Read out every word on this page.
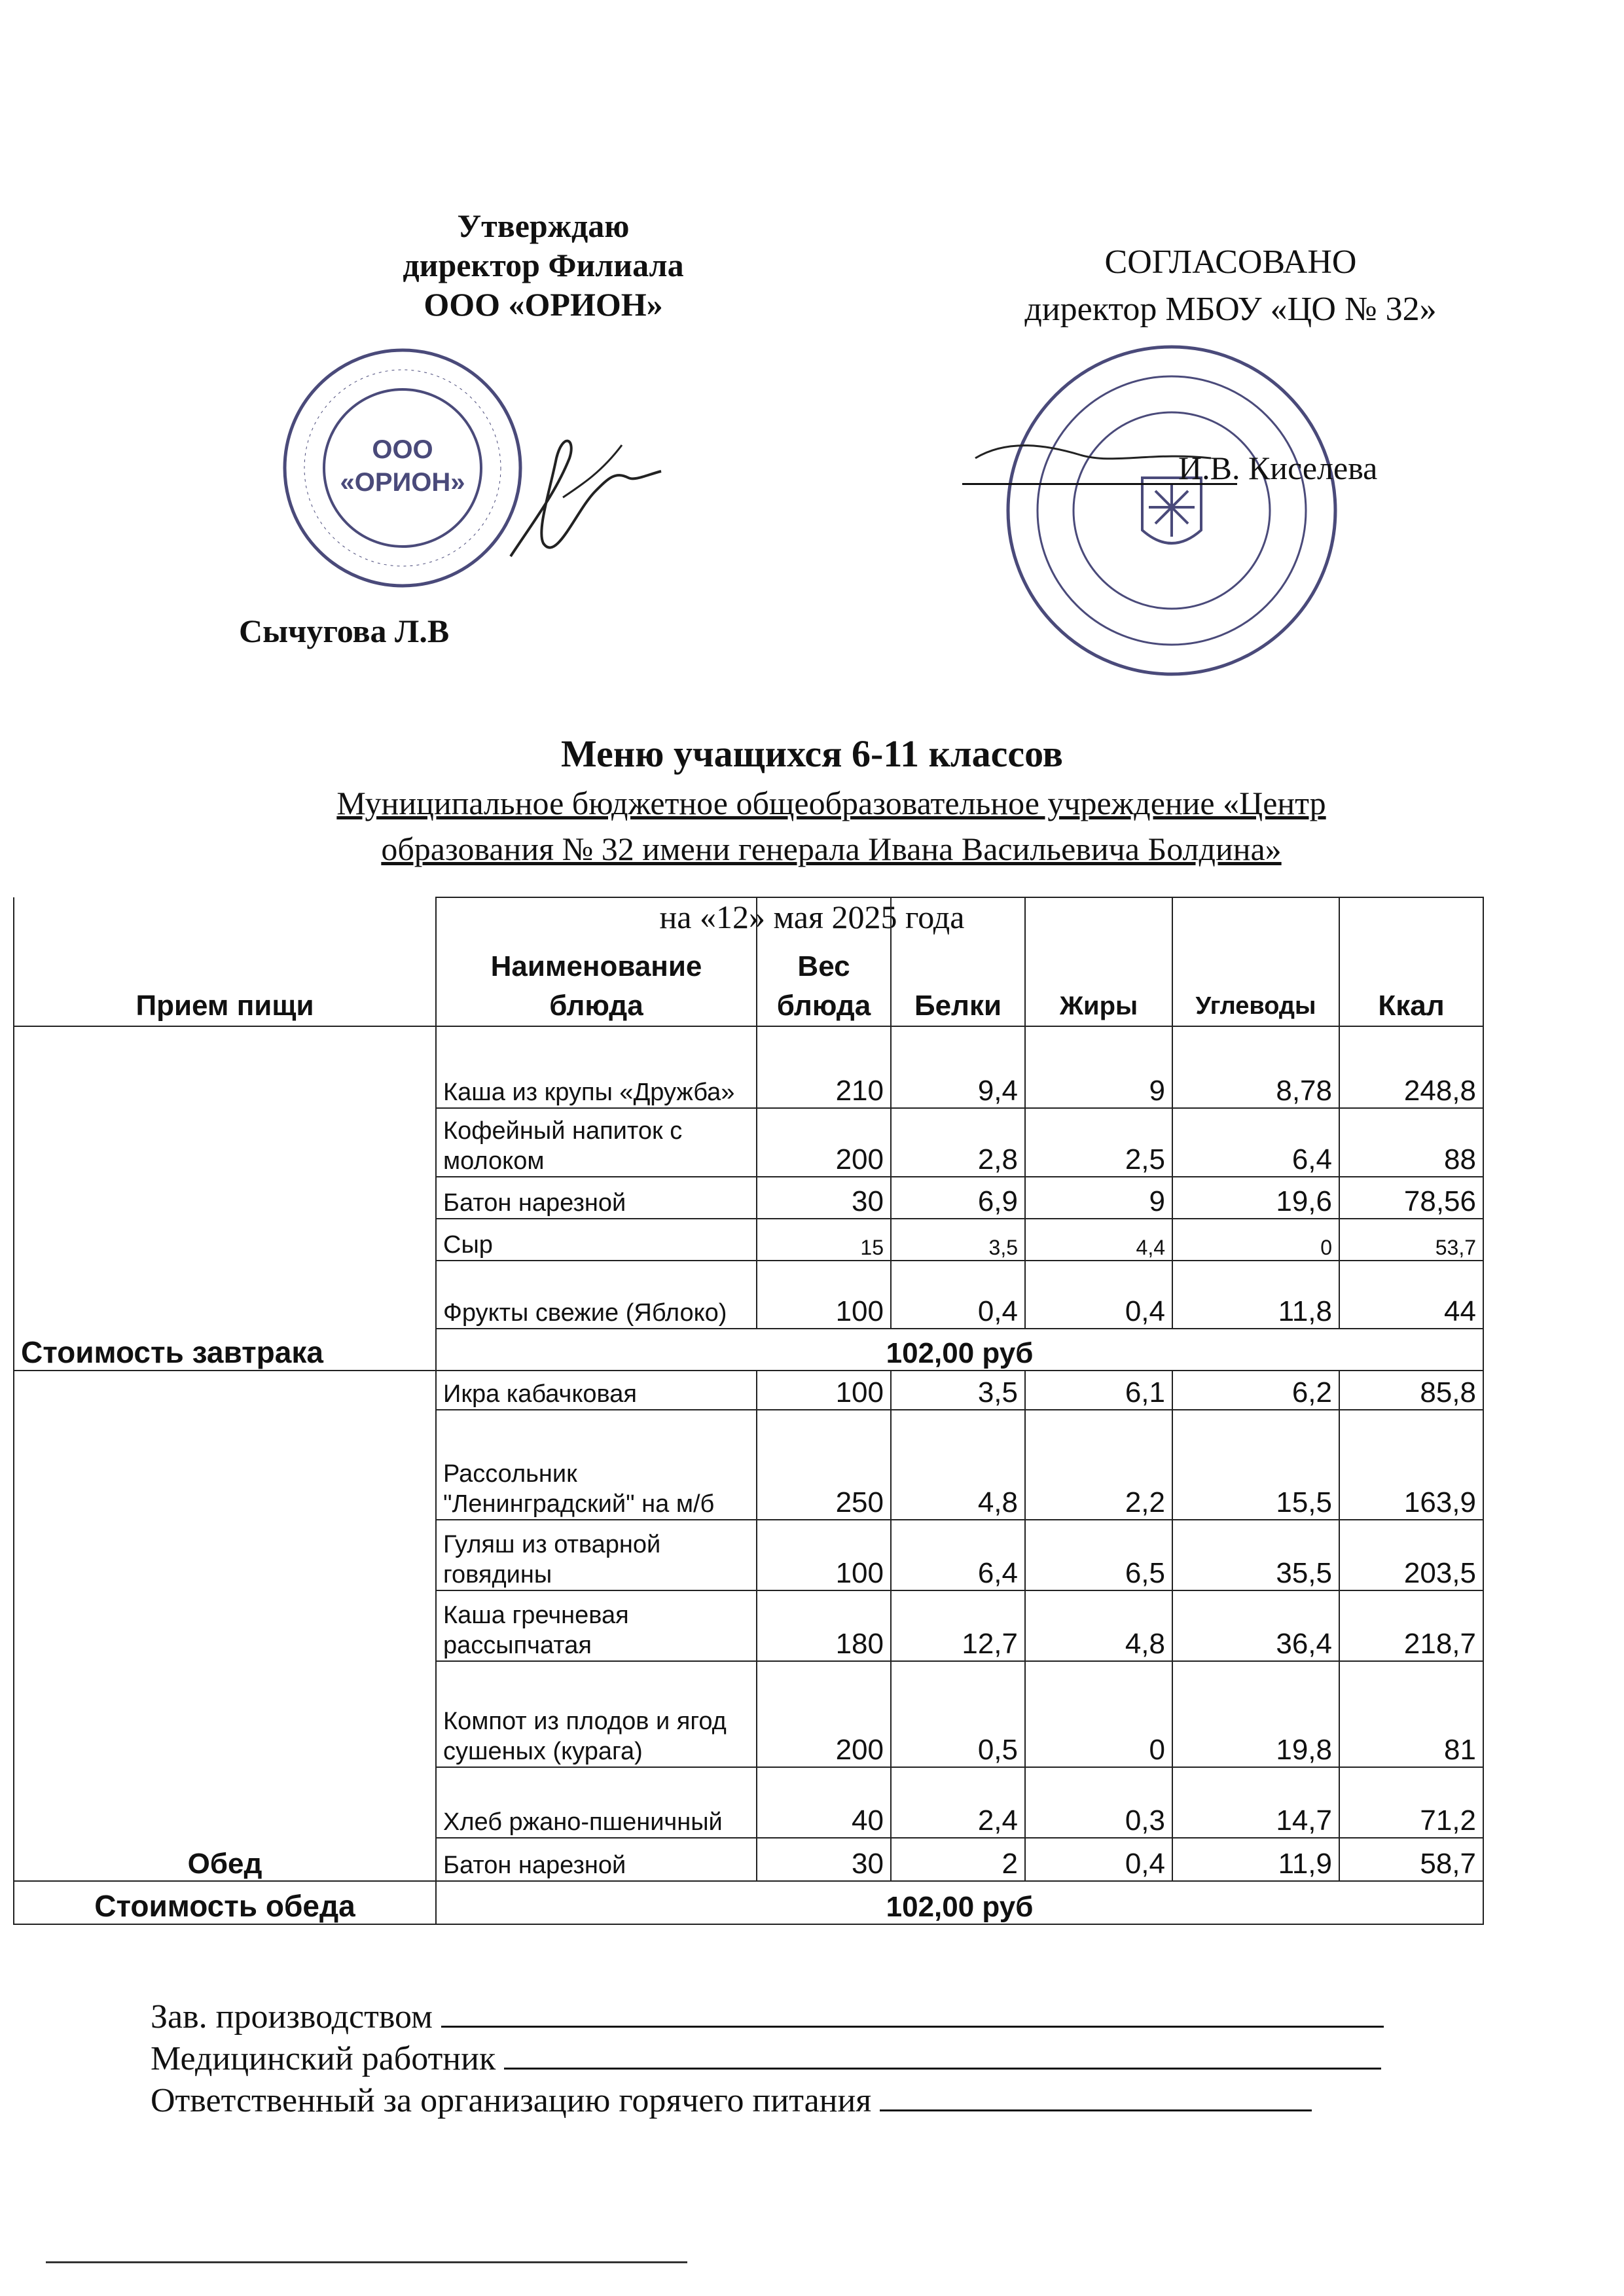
Утверждаю
директор Филиала
ООО «ОРИОН»
ООО
«ОРИОН»
Сычугова Л.В
СОГЛАСОВАНО
директор МБОУ «ЦО № 32»
И.В. Киселева
Меню учащихся 6-11 классов
Муниципальное бюджетное общеобразовательное учреждение «Центр
образования № 32 имени генерала Ивана Васильевича Болдина»
на «12» мая 2025 года
Прием пищи	Наименование блюда	Вес блюда	Белки	Жиры	Углеводы	Ккал
	Каша из крупы «Дружба»	210	9,4	9	8,78	248,8
	Кофейный напиток с молоком	200	2,8	2,5	6,4	88
	Батон нарезной	30	6,9	9	19,6	78,56
	Сыр	15	3,5	4,4	0	53,7
	Фрукты свежие (Яблоко)	100	0,4	0,4	11,8	44
Стоимость завтрака	102,00 руб					
Обед	Икра кабачковая	100	3,5	6,1	6,2	85,8
	Рассольник "Ленинградский" на м/б	250	4,8	2,2	15,5	163,9
	Гуляш из отварной говядины	100	6,4	6,5	35,5	203,5
	Каша гречневая рассыпчатая	180	12,7	4,8	36,4	218,7
	Компот из плодов и ягод сушеных (курага)	200	0,5	0	19,8	81
	Хлеб ржано-пшеничный	40	2,4	0,3	14,7	71,2
	Батон нарезной	30	2	0,4	11,9	58,7
Стоимость обеда	102,00 руб					
Зав. производством
Медицинский работник
Ответственный за организацию горячего питания
